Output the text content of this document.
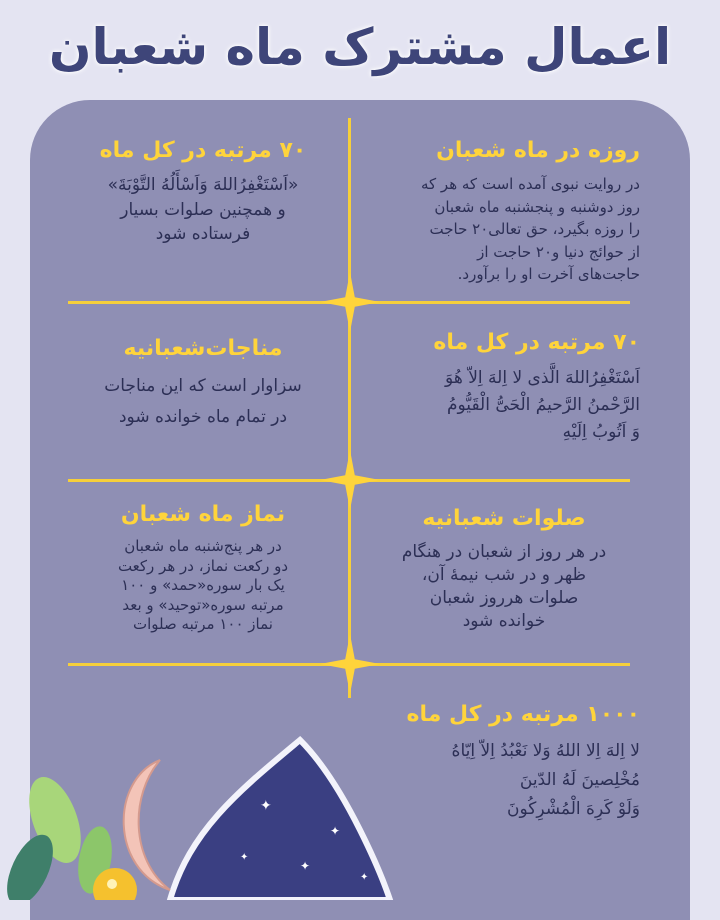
اعمال مشترک ماه شعبان
روزه در ماه شعبان

در روایت نبوی آمده است که هر که
روز دوشنبه و پنجشنبه ماه شعبان
را روزه بگیرد، حق تعالی۲۰ حاجت
از حوائج دنیا و۲۰ حاجت از
حاجت‌های آخرت او را برآورد.

۷۰ مرتبه در کل ماه

«اَسْتَغْفِرُاللهَ وَاَسْأَلُهُ التَّوْبَةَ»
و همچنین صلوات بسیار
فرستاده شود

۷۰ مرتبه در کل ماه

اَسْتَغْفِرُاللهَ الَّذی لا اِلهَ اِلاّ هُوَ
الرَّحْمنُ الرَّحیمُ الْحَیُّ الْقَیُّومُ
وَ اَتُوبُ اِلَیْهِ

مناجات‌شعبانیه

سزاوار است که این مناجات
در تمام ماه خوانده شود

صلوات شعبانیه

در هر روز از شعبان در هنگام
ظهر و در شب نیمهٔ آن،
صلوات هرروز شعبان
خوانده شود

نماز ماه شعبان

در هر پنج‌شنبه ماه شعبان
دو رکعت نماز، در هر رکعت
یک بار سوره«حمد» و ۱۰۰
مرتبه سوره«توحید» و بعد
نماز ۱۰۰ مرتبه صلوات

۱۰۰۰ مرتبه در کل ماه

لا اِلهَ اِلا اللهُ وَلا نَعْبُدُ اِلاّ اِیّاهُ
مُخْلِصینَ لَهُ الدّینَ
وَلَوْ کَرِهَ الْمُشْرِکُونَ

✦
✦
✦
✦
✦
